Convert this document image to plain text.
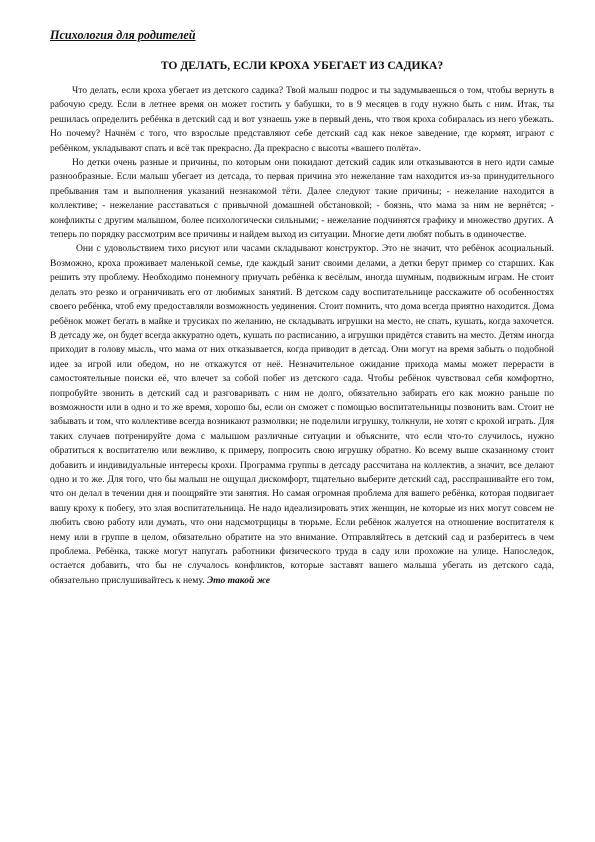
Психология для родителей

ТО ДЕЛАТЬ, ЕСЛИ КРОХА УБЕГАЕТ ИЗ САДИКА?

Что делать, если кроха убегает из детского садика? Твой малыш подрос и ты задумываешься о том, чтобы вернуть в рабочую среду. Если в летнее время он может гостить у бабушки, то в 9 месяцев в году нужно быть с ним. Итак, ты решилась определить ребёнка в детский сад и вот узнаешь уже в первый день, что твоя кроха собиралась из него убежать. Но почему? Начнём с того, что взрослые представляют себе детский сад как некое заведение, где кормят, играют с ребёнком, укладывают спать и всё так прекрасно. Да прекрасно с высоты «вашего полёта».

Но детки очень разные и причины, по которым они покидают детский садик или отказываются в него идти самые разнообразные. Если малыш убегает из детсада, то первая причина это нежелание там находится из-за принудительного пребывания там и выполнения указаний незнакомой тёти. Далее следуют такие причины; - нежелание находится в коллективе; - нежелание расставаться с привычной домашней обстановкой; - боязнь, что мама за ним не вернётся; - конфликты с другим малышом, более психологически сильными; - нежелание подчинятся графику и множество других. А теперь по порядку рассмотрим все причины и найдем выход из ситуации. Многие дети любят побыть в одиночестве.

Они с удовольствием тихо рисуют или часами складывают конструктор. Это не значит, что ребёнок асоциальный. Возможно, кроха проживает маленькой семье, где каждый занит своими делами, а детки берут пример со старших. Как решить эту проблему. Необходимо понемногу приучать ребёнка к весёлым, иногда шумным, подвижным играм. Не стоит делать это резко и ограничивать его от любимых занятий. В детском саду воспитательнице расскажите об особенностях своего ребёнка, чтоб ему предоставляли возможность уединения. Стоит помнить, что дома всегда приятно находится. Дома ребёнок может бегать в майке и трусиках по желанию, не складывать игрушки на место, не спать, кушать, когда захочется. В детсаду же, он будет всегда аккуратно одеть, кушать по расписанию, а игрушки придётся ставить на место. Детям иногда приходит в голову мысль, что мама от них отказывается, когда приводит в детсад. Они могут на время забыть о подобной идее за игрой или обедом, но не откажутся от неё. Незначительное ожидание прихода мамы может перерасти в самостоятельные поиски её, что влечет за собой побег из детского сада. Чтобы ребёнок чувствовал себя комфортно, попробуйте звонить в детский сад и разговаривать с ним не долго, обязательно забирать его как можно раньше по возможности или в одно и то же время, хорошо бы, если он сможет с помощью воспитательницы позвонить вам. Стоит не забывать и том, что коллективе всегда возникают размолвки; не поделили игрушку, толкнули, не хотят с крохой играть. Для таких случаев потренируйте дома с малышом различные ситуации и объясните, что если что-то случилось, нужно обратиться к воспитателю или вежливо, к примеру, попросить свою игрушку обратно. Ко всему выше сказанному стоит добавить и индивидуальные интересы крохи. Программа группы в детсаду рассчитана на коллектив, а значит, все делают одно и то же. Для того, что бы малыш не ощущал дискомфорт, тщательно выберите детский сад, расспрашивайте его том, что он делал в течении дня и поощряйте эти занятия. Но самая огромная проблема для вашего ребёнка, которая подвигает вашу кроху к побегу, это злая воспитательница. Не надо идеализировать этих женщин, не которые из них могут совсем не любить свою работу или думать, что они надсмотрщицы в тюрьме. Если ребёнок жалуется на отношение воспитателя к нему или в группе в целом, обязательно обратите на это внимание. Отправляйтесь в детский сад и разберитесь в чем проблема. Ребёнка, также могут напугать работники физического труда в саду или прохожие на улице. Напоследок, остается добавить, что бы не случалось конфликтов, которые заставят вашего малыша убегать из детского сада, обязательно прислушивайтесь к нему. Это такой же
